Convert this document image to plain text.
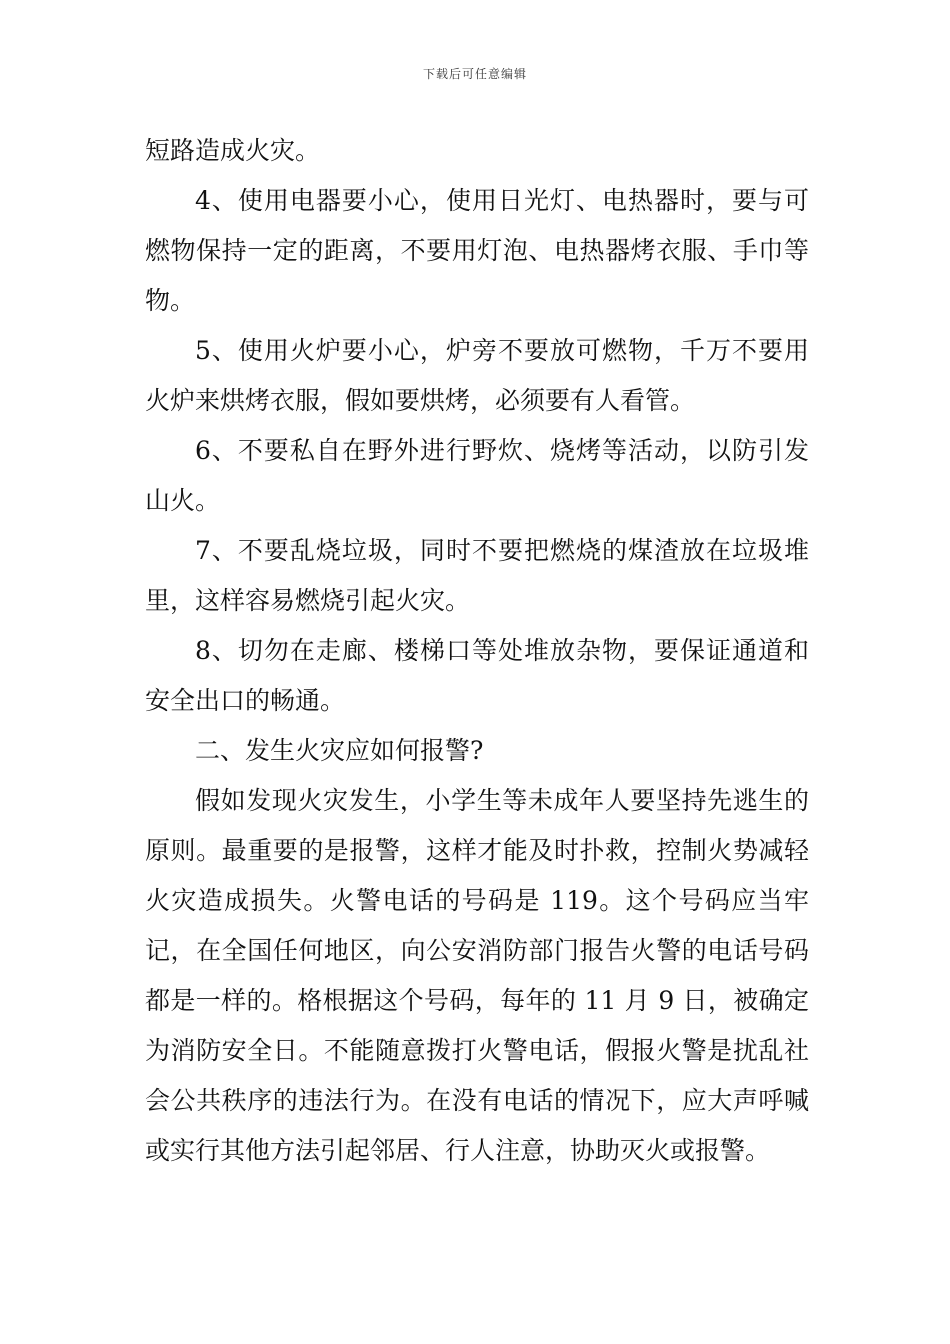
下载后可任意编辑

短路造成火灾。

4、使用电器要小心，使用日光灯、电热器时，要与可燃物保持一定的距离，不要用灯泡、电热器烤衣服、手巾等物。

5、使用火炉要小心，炉旁不要放可燃物，千万不要用火炉来烘烤衣服，假如要烘烤，必须要有人看管。

6、不要私自在野外进行野炊、烧烤等活动，以防引发山火。

7、不要乱烧垃圾，同时不要把燃烧的煤渣放在垃圾堆里，这样容易燃烧引起火灾。

8、切勿在走廊、楼梯口等处堆放杂物，要保证通道和安全出口的畅通。

二、发生火灾应如何报警?

假如发现火灾发生，小学生等未成年人要坚持先逃生的原则。最重要的是报警，这样才能及时扑救，控制火势减轻火灾造成损失。火警电话的号码是 119。这个号码应当牢记，在全国任何地区，向公安消防部门报告火警的电话号码都是一样的。格根据这个号码，每年的 11 月 9 日，被确定为消防安全日。不能随意拨打火警电话，假报火警是扰乱社会公共秩序的违法行为。在没有电话的情况下，应大声呼喊或实行其他方法引起邻居、行人注意，协助灭火或报警。
